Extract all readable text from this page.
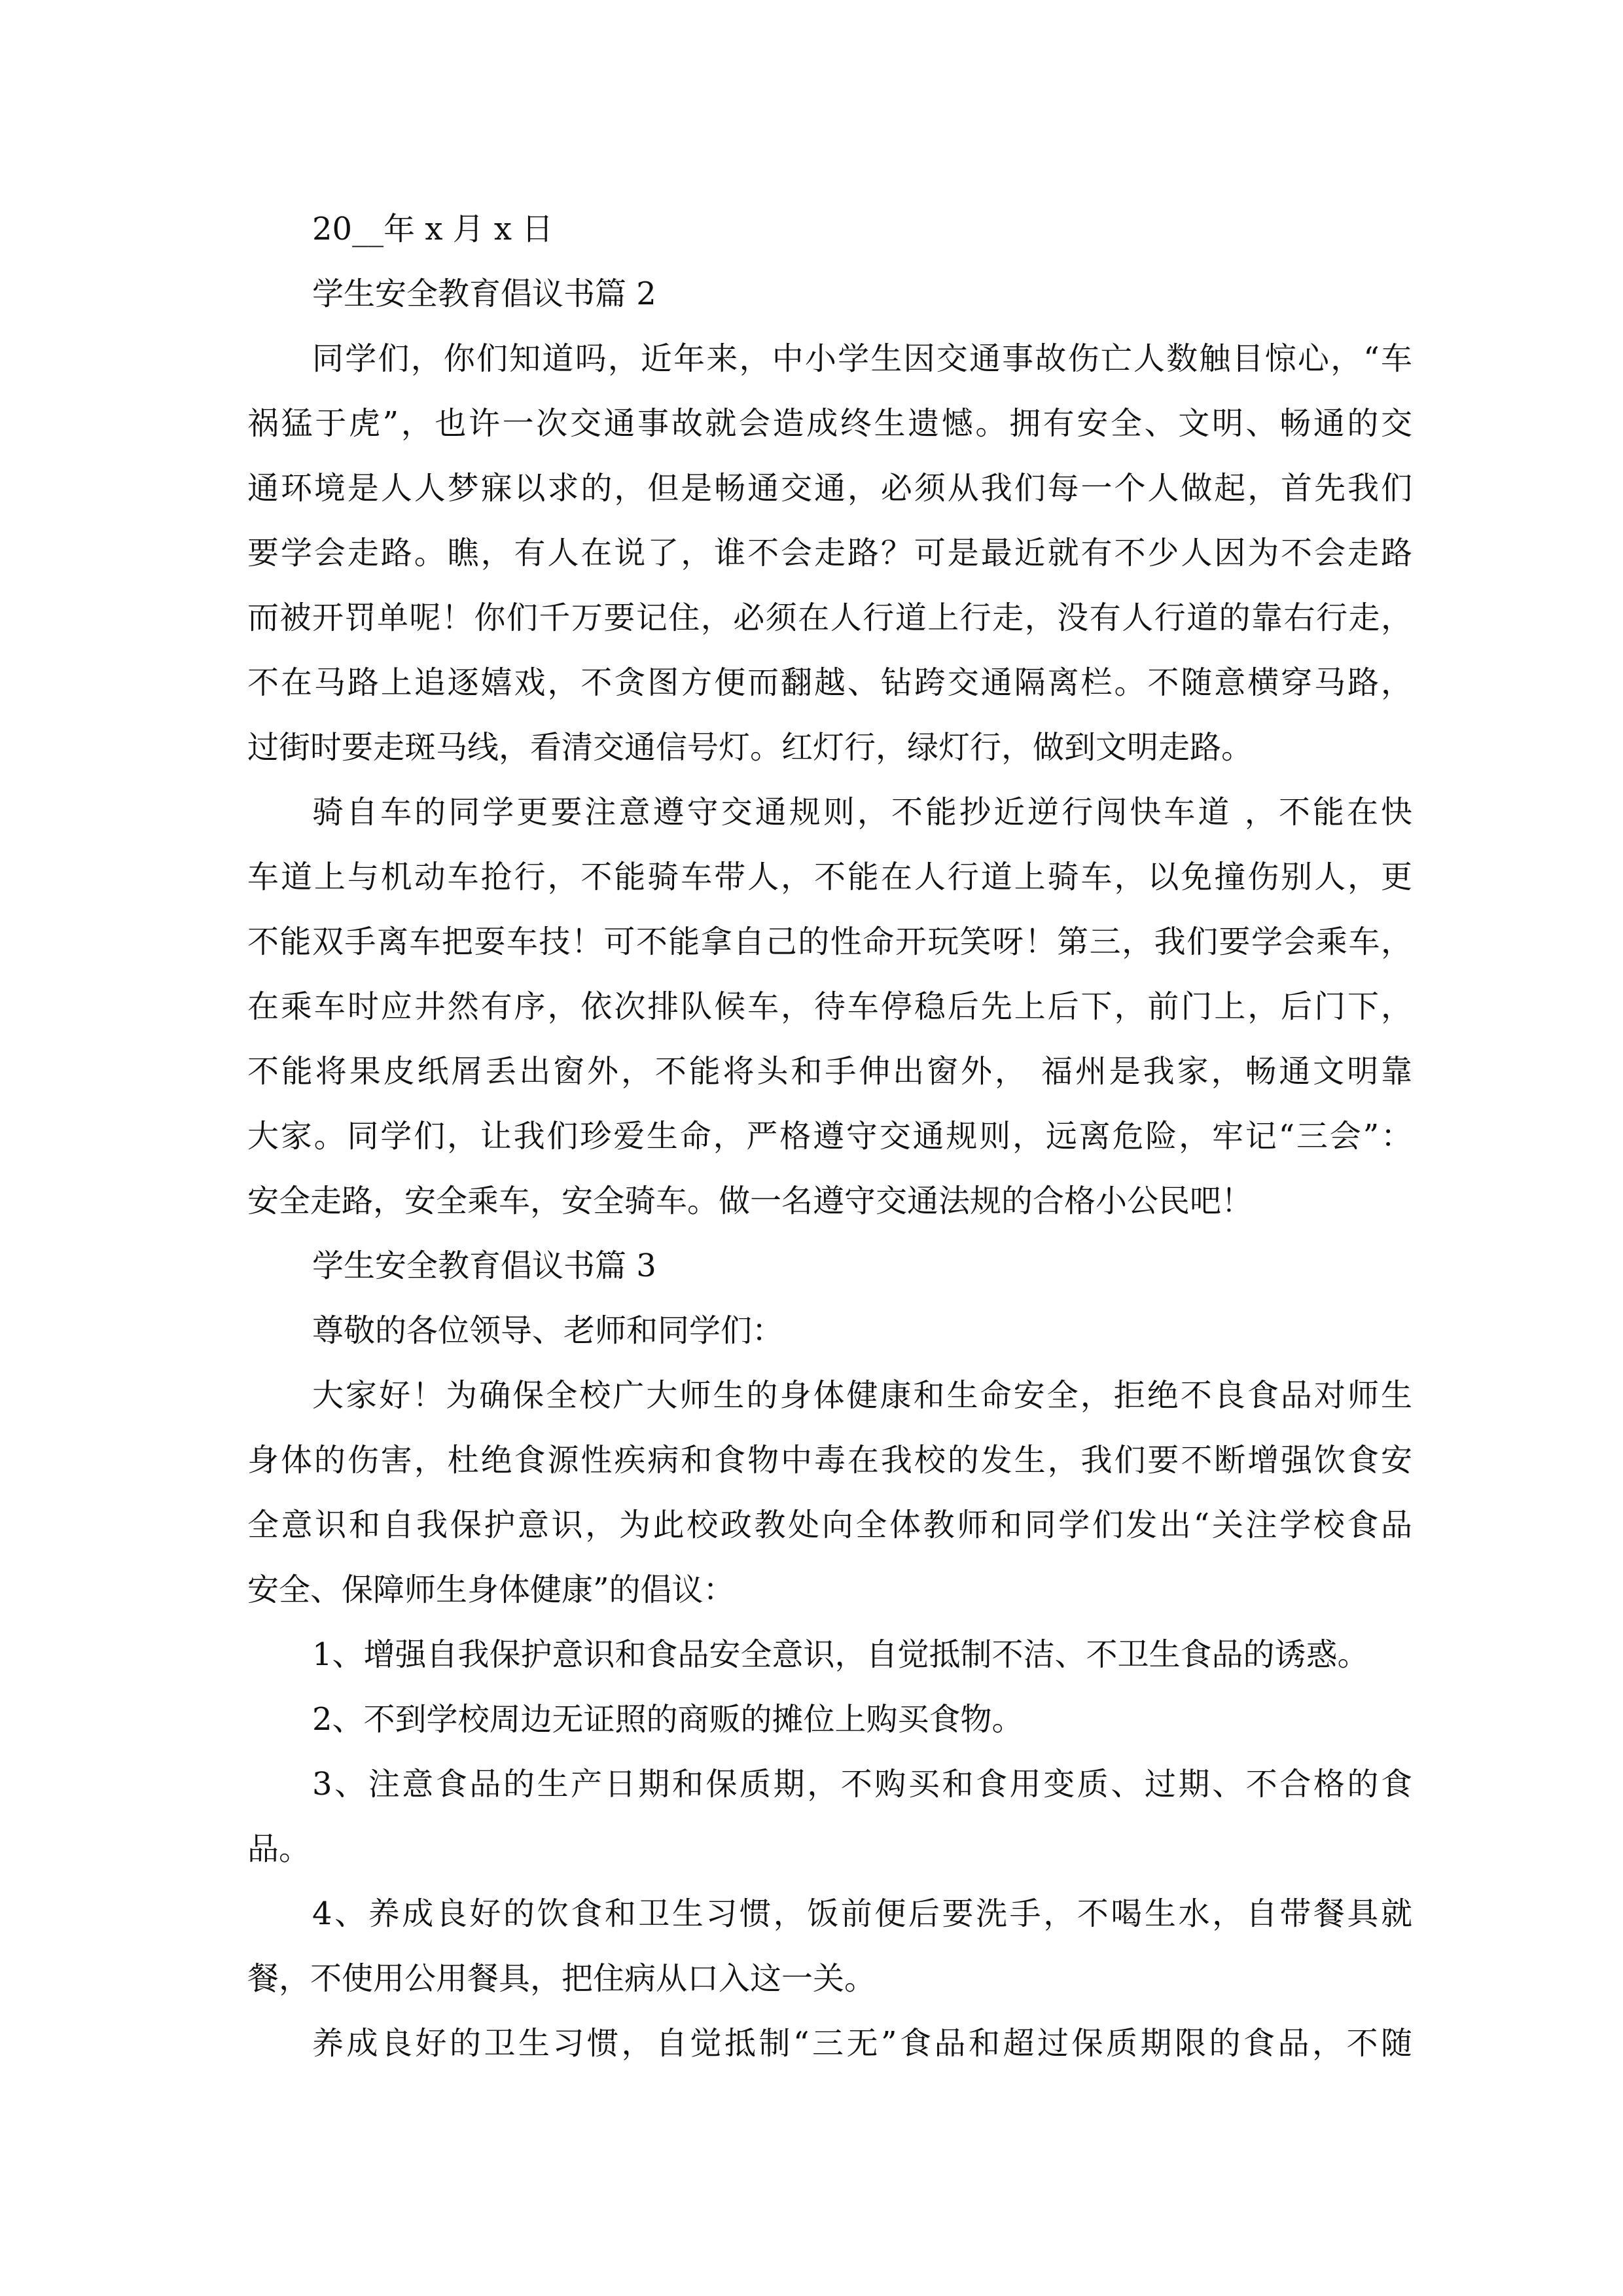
20__年 x 月 x 日
学生安全教育倡议书篇 2
同学们，你们知道吗，近年来，中小学生因交通事故伤亡人数触目惊心，“车
祸猛于虎”，也许一次交通事故就会造成终生遗憾。拥有安全、文明、畅通的交
通环境是人人梦寐以求的，但是畅通交通，必须从我们每一个人做起，首先我们
要学会走路。瞧，有人在说了，谁不会走路？可是最近就有不少人因为不会走路
而被开罚单呢！你们千万要记住，必须在人行道上行走，没有人行道的靠右行走，
不在马路上追逐嬉戏，不贪图方便而翻越、钻跨交通隔离栏。不随意横穿马路，
过街时要走斑马线，看清交通信号灯。红灯行，绿灯行，做到文明走路。
骑自车的同学更要注意遵守交通规则，不能抄近逆行闯快车道 ，不能在快
车道上与机动车抢行，不能骑车带人，不能在人行道上骑车，以免撞伤别人，更
不能双手离车把耍车技！可不能拿自己的性命开玩笑呀！第三，我们要学会乘车，
在乘车时应井然有序，依次排队候车，待车停稳后先上后下，前门上，后门下，
不能将果皮纸屑丢出窗外，不能将头和手伸出窗外， 福州是我家，畅通文明靠
大家。同学们，让我们珍爱生命，严格遵守交通规则，远离危险，牢记“三会”：
安全走路，安全乘车，安全骑车。做一名遵守交通法规的合格小公民吧！
学生安全教育倡议书篇 3
尊敬的各位领导、老师和同学们：
大家好！为确保全校广大师生的身体健康和生命安全，拒绝不良食品对师生
身体的伤害，杜绝食源性疾病和食物中毒在我校的发生，我们要不断增强饮食安
全意识和自我保护意识，为此校政教处向全体教师和同学们发出“关注学校食品
安全、保障师生身体健康”的倡议：
1、增强自我保护意识和食品安全意识，自觉抵制不洁、不卫生食品的诱惑。
2、不到学校周边无证照的商贩的摊位上购买食物。
3、注意食品的生产日期和保质期，不购买和食用变质、过期、不合格的食
品。
4、养成良好的饮食和卫生习惯，饭前便后要洗手，不喝生水，自带餐具就
餐，不使用公用餐具，把住病从口入这一关。
养成良好的卫生习惯，自觉抵制“三无”食品和超过保质期限的食品，不随
